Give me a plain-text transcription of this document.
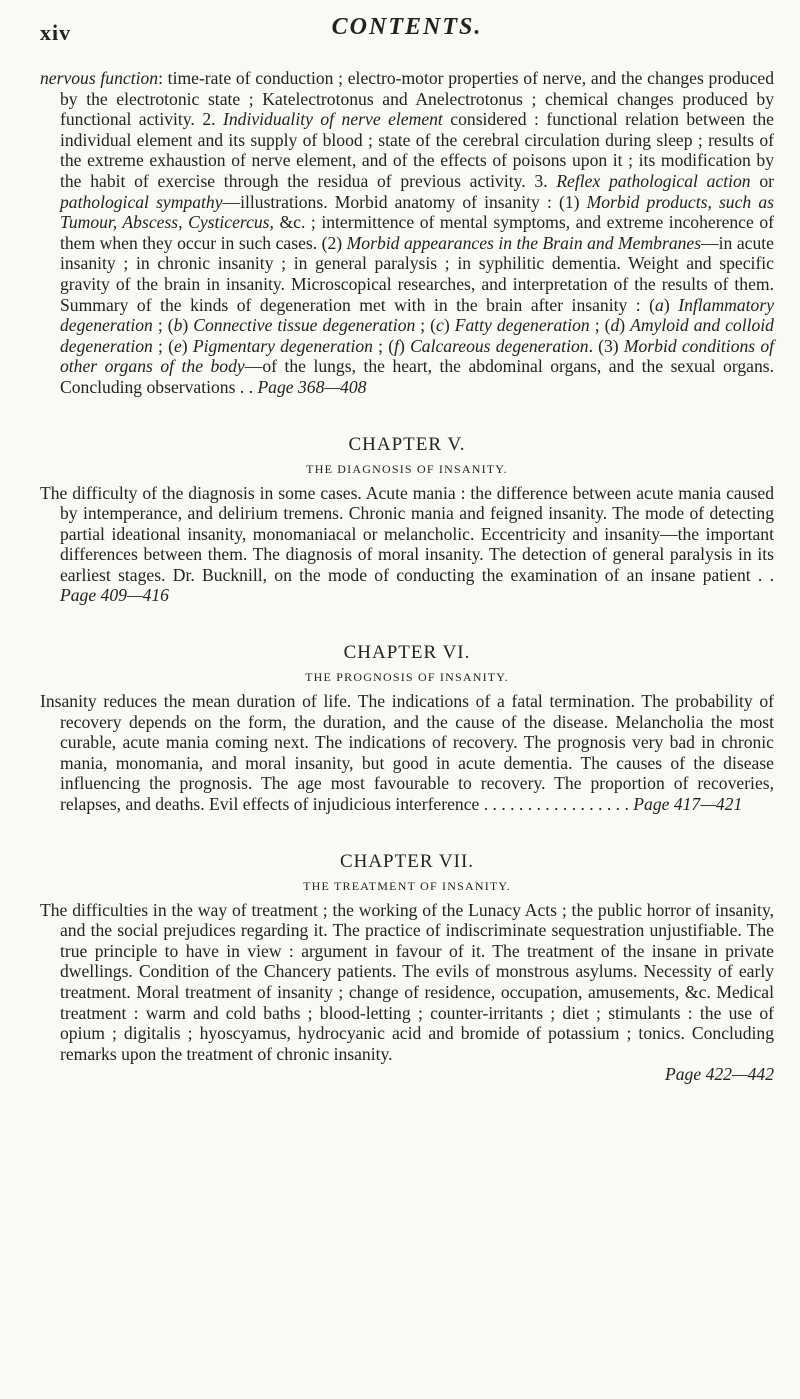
xiv	CONTENTS.

nervous function: time-rate of conduction ; electro-motor properties of nerve, and the changes produced by the electrotonic state ; Katelectrotonus and Anelectrotonus ; chemical changes produced by functional activity. 2. Individuality of nerve element considered : functional relation between the individual element and its supply of blood ; state of the cerebral circulation during sleep ; results of the extreme exhaustion of nerve element, and of the effects of poisons upon it ; its modification by the habit of exercise through the residua of previous activity. 3. Reflex pathological action or pathological sympathy—illustrations. Morbid anatomy of insanity : (1) Morbid products, such as Tumour, Abscess, Cysticercus, &c. ; intermittence of mental symptoms, and extreme incoherence of them when they occur in such cases. (2) Morbid appearances in the Brain and Membranes—in acute insanity ; in chronic insanity ; in general paralysis ; in syphilitic dementia. Weight and specific gravity of the brain in insanity. Microscopical researches, and interpretation of the results of them. Summary of the kinds of degeneration met with in the brain after insanity : (a) Inflammatory degeneration ; (b) Connective tissue degeneration ; (c) Fatty degeneration ; (d) Amyloid and colloid degeneration ; (e) Pigmentary degeneration ; (f) Calcareous degeneration. (3) Morbid conditions of other organs of the body—of the lungs, the heart, the abdominal organs, and the sexual organs. Concluding observations . . Page 368—408

CHAPTER V.
THE DIAGNOSIS OF INSANITY.

The difficulty of the diagnosis in some cases. Acute mania : the difference between acute mania caused by intemperance, and delirium tremens. Chronic mania and feigned insanity. The mode of detecting partial ideational insanity, monomaniacal or melancholic. Eccentricity and insanity—the important differences between them. The diagnosis of moral insanity. The detection of general paralysis in its earliest stages. Dr. Bucknill, on the mode of conducting the examination of an insane patient . . Page 409—416

CHAPTER VI.
THE PROGNOSIS OF INSANITY.

Insanity reduces the mean duration of life. The indications of a fatal termination. The probability of recovery depends on the form, the duration, and the cause of the disease. Melancholia the most curable, acute mania coming next. The indications of recovery. The prognosis very bad in chronic mania, monomania, and moral insanity, but good in acute dementia. The causes of the disease influencing the prognosis. The age most favourable to recovery. The proportion of recoveries, relapses, and deaths. Evil effects of injudicious interference . . . . . . . . . . . . . . . . . Page 417—421

CHAPTER VII.
THE TREATMENT OF INSANITY.

The difficulties in the way of treatment ; the working of the Lunacy Acts ; the public horror of insanity, and the social prejudices regarding it. The practice of indiscriminate sequestration unjustifiable. The true principle to have in view : argument in favour of it. The treatment of the insane in private dwellings. Condition of the Chancery patients. The evils of monstrous asylums. Necessity of early treatment. Moral treatment of insanity ; change of residence, occupation, amusements, &c. Medical treatment : warm and cold baths ; blood-letting ; counter-irritants ; diet ; stimulants : the use of opium ; digitalis ; hyoscyamus, hydrocyanic acid and bromide of potassium ; tonics. Concluding remarks upon the treatment of chronic insanity.

Page 422—442
